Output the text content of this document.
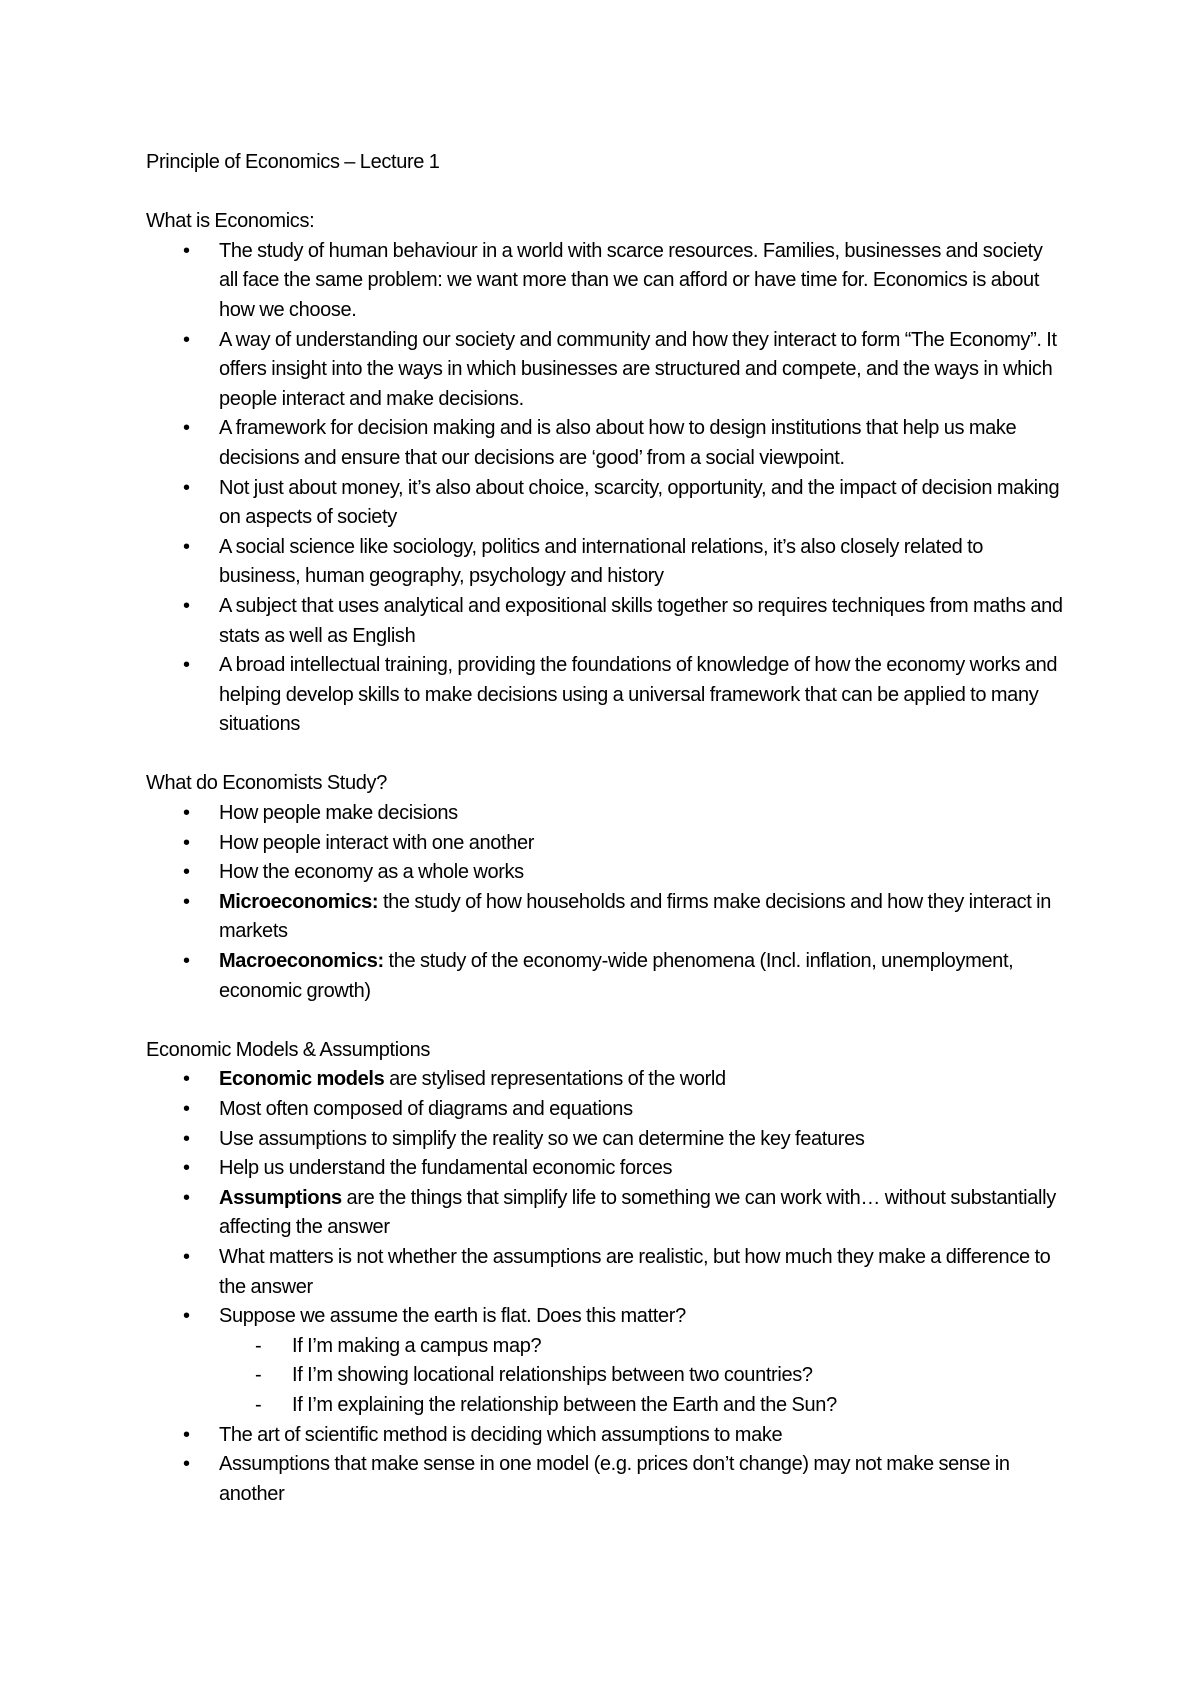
Principle of Economics – Lecture 1
What is Economics:
• The study of human behaviour in a world with scarce resources. Families, businesses and society all face the same problem: we want more than we can afford or have time for. Economics is about how we choose.
• A way of understanding our society and community and how they interact to form “The Economy”. It offers insight into the ways in which businesses are structured and compete, and the ways in which people interact and make decisions.
• A framework for decision making and is also about how to design institutions that help us make decisions and ensure that our decisions are ‘good’ from a social viewpoint.
• Not just about money, it’s also about choice, scarcity, opportunity, and the impact of decision making on aspects of society
• A social science like sociology, politics and international relations, it’s also closely related to business, human geography, psychology and history
• A subject that uses analytical and expositional skills together so requires techniques from maths and stats as well as English
• A broad intellectual training, providing the foundations of knowledge of how the economy works and helping develop skills to make decisions using a universal framework that can be applied to many situations
What do Economists Study?
• How people make decisions
• How people interact with one another
• How the economy as a whole works
• Microeconomics: the study of how households and firms make decisions and how they interact in markets
• Macroeconomics: the study of the economy-wide phenomena (Incl. inflation, unemployment, economic growth)
Economic Models & Assumptions
• Economic models are stylised representations of the world
• Most often composed of diagrams and equations
• Use assumptions to simplify the reality so we can determine the key features
• Help us understand the fundamental economic forces
• Assumptions are the things that simplify life to something we can work with… without substantially affecting the answer
• What matters is not whether the assumptions are realistic, but how much they make a difference to the answer
• Suppose we assume the earth is flat. Does this matter?
- If I’m making a campus map?
- If I’m showing locational relationships between two countries?
- If I’m explaining the relationship between the Earth and the Sun?
• The art of scientific method is deciding which assumptions to make
• Assumptions that make sense in one model (e.g. prices don’t change) may not make sense in another
